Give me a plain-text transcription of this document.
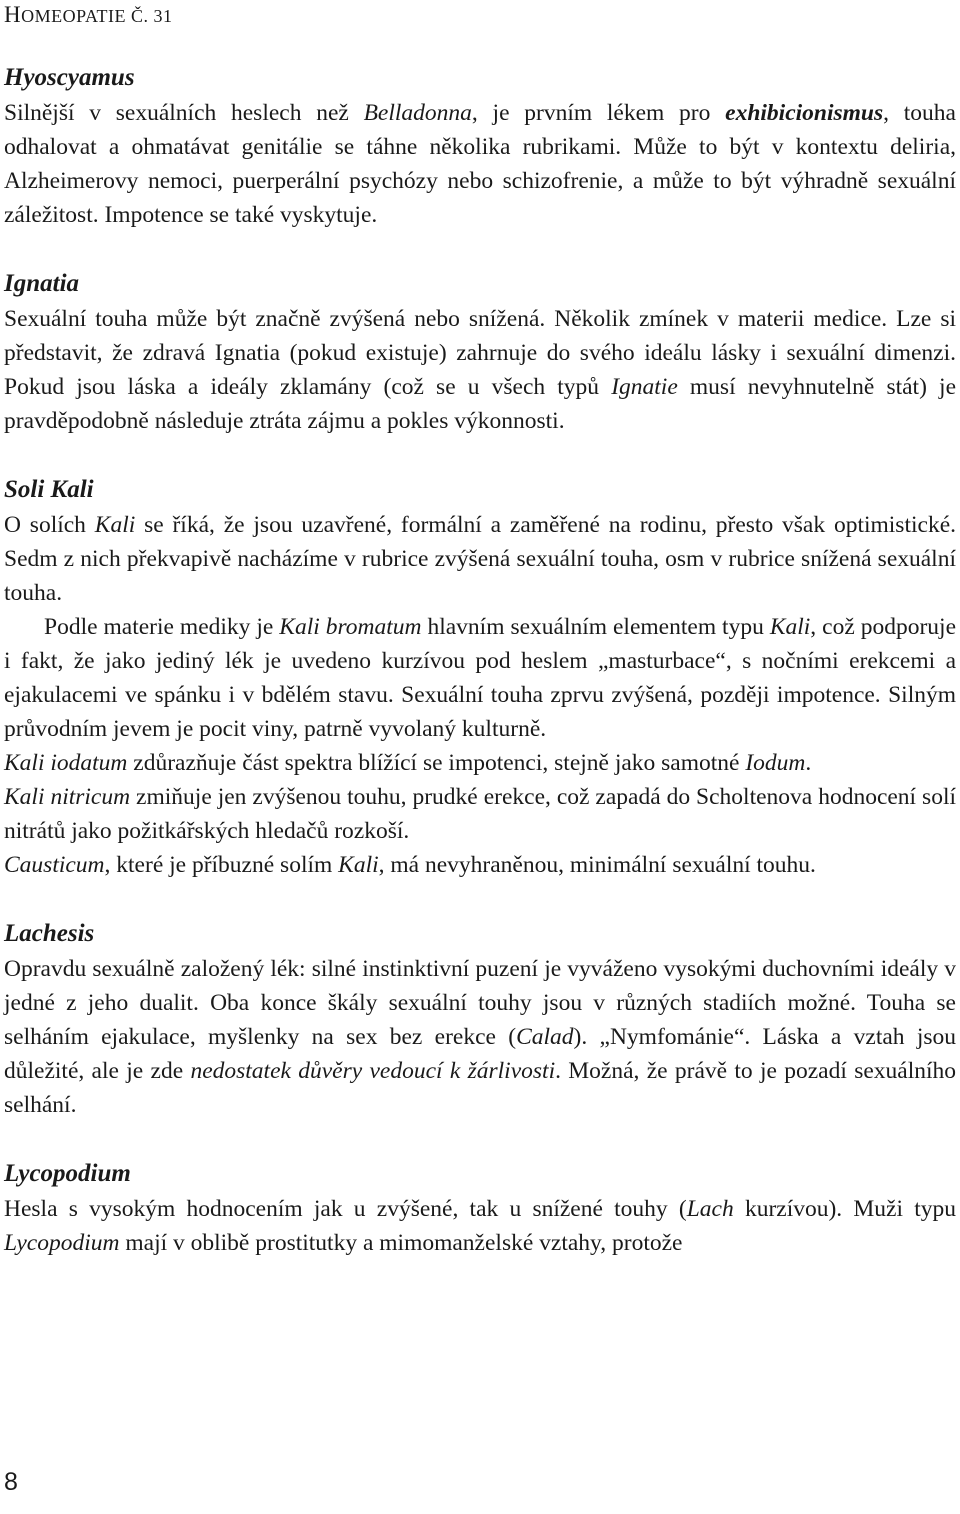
HOMEOPATIE Č. 31
Hyoscyamus

Silnější v sexuálních heslech než Belladonna, je prvním lékem pro exhibicionismus, touha odhalovat a ohmatávat genitálie se táhne několika rubrikami. Může to být v kontextu deliria, Alzheimerovy nemoci, puerperální psychózy nebo schizofrenie, a může to být výhradně sexuální záležitost. Impotence se také vyskytuje.

Ignatia

Sexuální touha může být značně zvýšená nebo snížená. Několik zmínek v materii medice. Lze si představit, že zdravá Ignatia (pokud existuje) zahrnuje do svého ideálu lásky i sexuální dimenzi. Pokud jsou láska a ideály zklamány (což se u všech typů Ignatie musí nevyhnutelně stát) je pravděpodobně následuje ztráta zájmu a pokles výkonnosti.

Soli Kali

O solích Kali se říká, že jsou uzavřené, formální a zaměřené na rodinu, přesto však optimistické. Sedm z nich překvapivě nacházíme v rubrice zvýšená sexuální touha, osm v rubrice snížená sexuální touha.

Podle materie mediky je Kali bromatum hlavním sexuálním elementem typu Kali, což podporuje i fakt, že jako jediný lék je uvedeno kurzívou pod heslem „masturbace“, s nočními erekcemi a ejakulacemi ve spánku i v bdělém stavu. Sexuální touha zprvu zvýšená, později impotence. Silným průvodním jevem je pocit viny, patrně vyvolaný kulturně.

Kali iodatum zdůrazňuje část spektra blížící se impotenci, stejně jako samotné Iodum.

Kali nitricum zmiňuje jen zvýšenou touhu, prudké erekce, což zapadá do Scholtenova hodnocení solí nitrátů jako požitkářských hledačů rozkoší.

Causticum, které je příbuzné solím Kali, má nevyhraněnou, minimální sexuální touhu.

Lachesis

Opravdu sexuálně založený lék: silné instinktivní puzení je vyváženo vysokými duchovními ideály v jedné z jeho dualit. Oba konce škály sexuální touhy jsou v různých stadiích možné. Touha se selháním ejakulace, myšlenky na sex bez erekce (Calad). „Nymfománie“. Láska a vztah jsou důležité, ale je zde nedostatek důvěry vedoucí k žárlivosti. Možná, že právě to je pozadí sexuálního selhání.

Lycopodium

Hesla s vysokým hodnocením jak u zvýšené, tak u snížené touhy (Lach kurzívou). Muži typu Lycopodium mají v oblibě prostitutky a mimomanželské vztahy, protože

8
